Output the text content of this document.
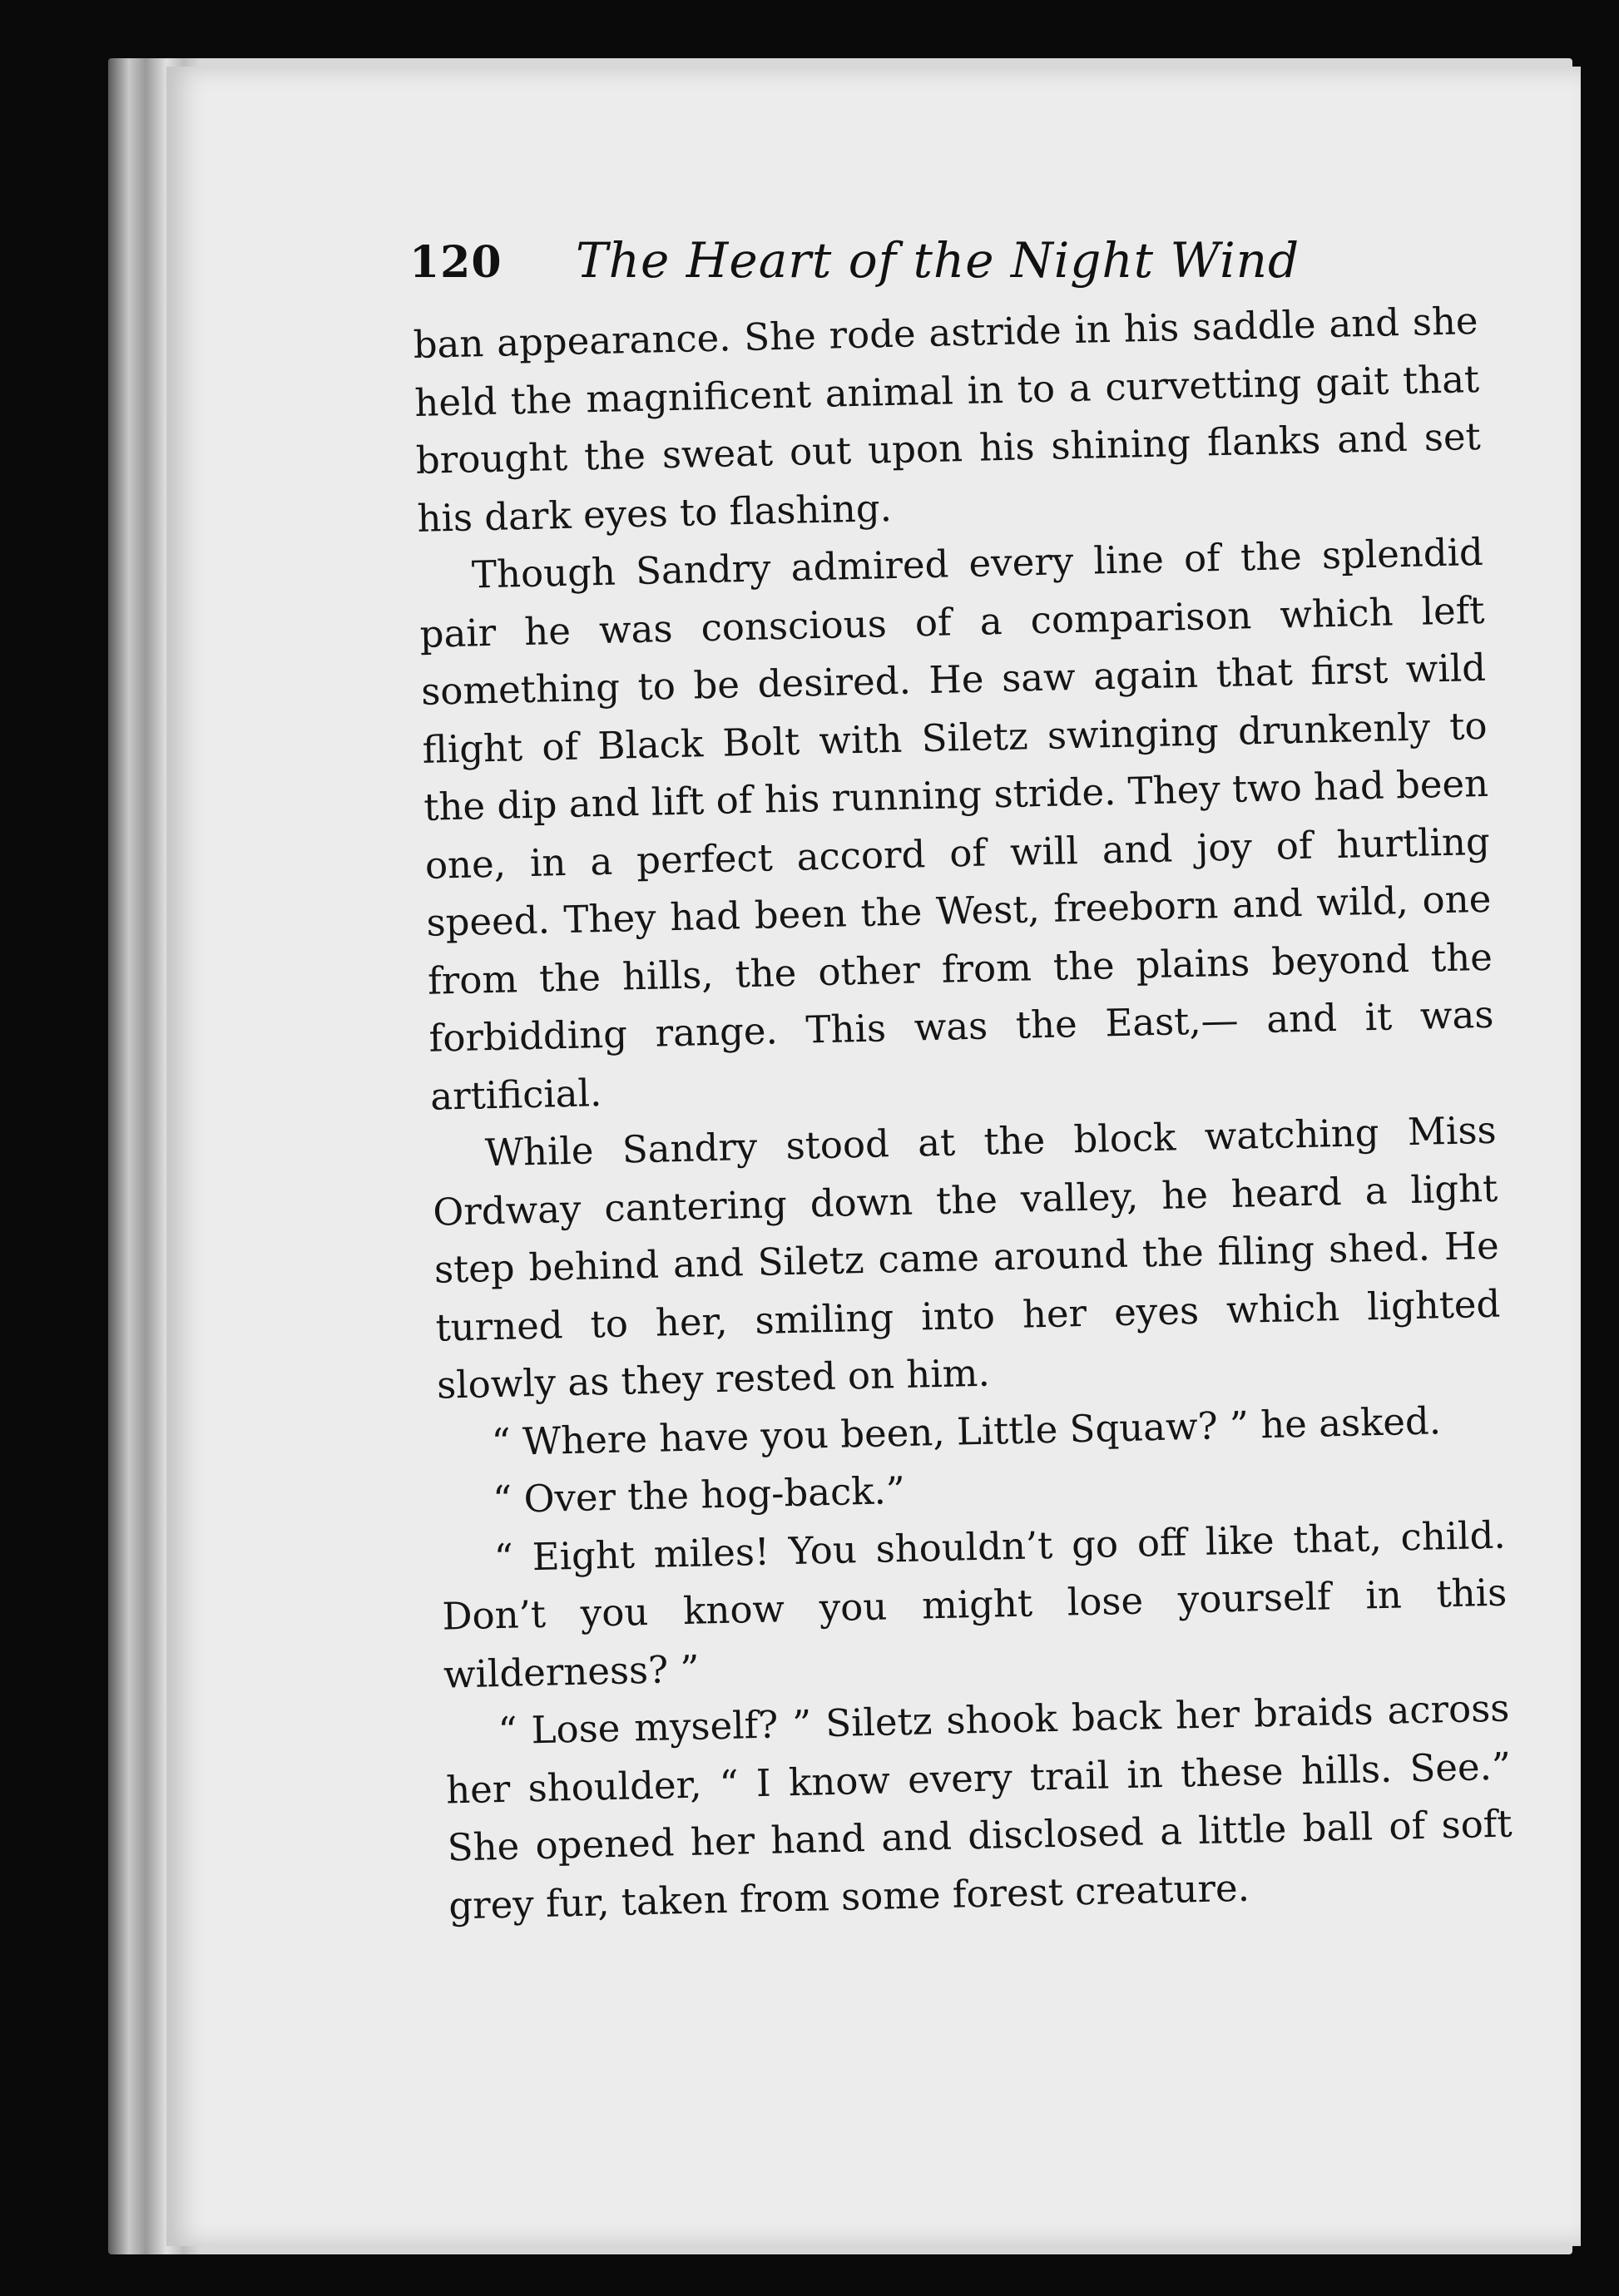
120 The Heart of the Night Wind

ban appearance. She rode astride in his saddle and she held the magnificent animal in to a curvetting gait that brought the sweat out upon his shining flanks and set his dark eyes to flashing.

Though Sandry admired every line of the splendid pair he was conscious of a comparison which left something to be desired. He saw again that first wild flight of Black Bolt with Siletz swinging drunkenly to the dip and lift of his running stride. They two had been one, in a perfect accord of will and joy of hurtling speed. They had been the West, freeborn and wild, one from the hills, the other from the plains beyond the forbidding range. This was the East,— and it was artificial.

While Sandry stood at the block watching Miss Ordway cantering down the valley, he heard a light step behind and Siletz came around the filing shed. He turned to her, smiling into her eyes which lighted slowly as they rested on him.

“ Where have you been, Little Squaw? ” he asked.

“ Over the hog-back.”

“ Eight miles! You shouldn’t go off like that, child. Don’t you know you might lose yourself in this wilderness? ”

“ Lose myself? ” Siletz shook back her braids across her shoulder, “ I know every trail in these hills. See.” She opened her hand and disclosed a little ball of soft grey fur, taken from some forest creature.
